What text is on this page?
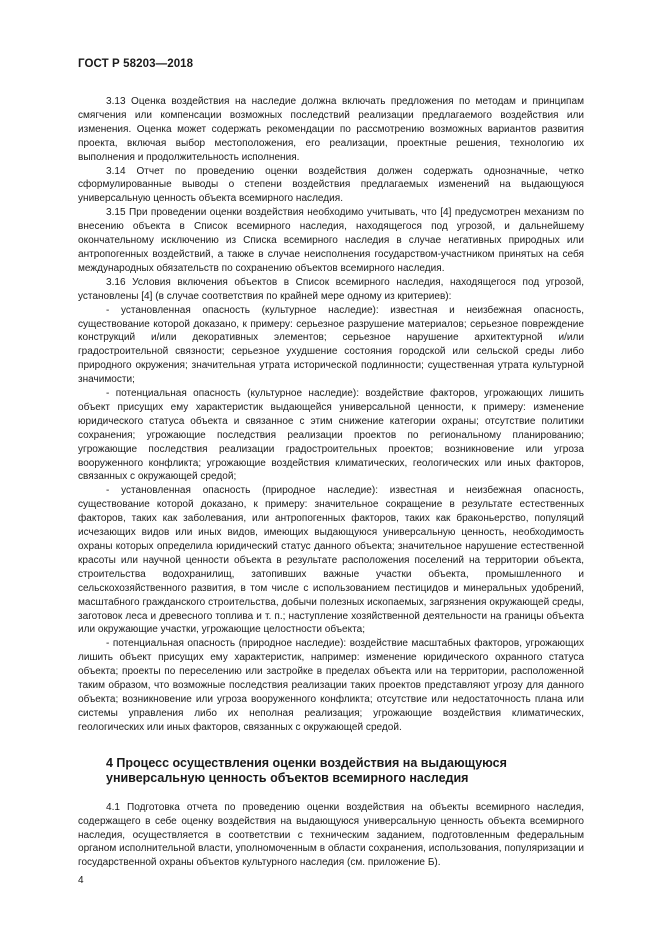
ГОСТ Р 58203—2018

3.13 Оценка воздействия на наследие должна включать предложения по методам и принципам смягчения или компенсации возможных последствий реализации предлагаемого воздействия или изменения. Оценка может содержать рекомендации по рассмотрению возможных вариантов развития проекта, включая выбор местоположения, его реализации, проектные решения, технологию их выполнения и продолжительность исполнения.

3.14 Отчет по проведению оценки воздействия должен содержать однозначные, четко сформулированные выводы о степени воздействия предлагаемых изменений на выдающуюся универсальную ценность объекта всемирного наследия.

3.15 При проведении оценки воздействия необходимо учитывать, что [4] предусмотрен механизм по внесению объекта в Список всемирного наследия, находящегося под угрозой, и дальнейшему окончательному исключению из Списка всемирного наследия в случае негативных природных или антропогенных воздействий, а также в случае неисполнения государством-участником принятых на себя международных обязательств по сохранению объектов всемирного наследия.

3.16 Условия включения объектов в Список всемирного наследия, находящегося под угрозой, установлены [4] (в случае соответствия по крайней мере одному из критериев):

- установленная опасность (культурное наследие): известная и неизбежная опасность, существование которой доказано, к примеру: серьезное разрушение материалов; серьезное повреждение конструкций и/или декоративных элементов; серьезное нарушение архитектурной и/или градостроительной связности; серьезное ухудшение состояния городской или сельской среды либо природного окружения; значительная утрата исторической подлинности; существенная утрата культурной значимости;

- потенциальная опасность (культурное наследие): воздействие факторов, угрожающих лишить объект присущих ему характеристик выдающейся универсальной ценности, к примеру: изменение юридического статуса объекта и связанное с этим снижение категории охраны; отсутствие политики сохранения; угрожающие последствия реализации проектов по региональному планированию; угрожающие последствия реализации градостроительных проектов; возникновение или угроза вооруженного конфликта; угрожающие воздействия климатических, геологических или иных факторов, связанных с окружающей средой;

- установленная опасность (природное наследие): известная и неизбежная опасность, существование которой доказано, к примеру: значительное сокращение в результате естественных факторов, таких как заболевания, или антропогенных факторов, таких как браконьерство, популяций исчезающих видов или иных видов, имеющих выдающуюся универсальную ценность, необходимость охраны которых определила юридический статус данного объекта; значительное нарушение естественной красоты или научной ценности объекта в результате расположения поселений на территории объекта, строительства водохранилищ, затопивших важные участки объекта, промышленного и сельскохозяйственного развития, в том числе с использованием пестицидов и минеральных удобрений, масштабного гражданского строительства, добычи полезных ископаемых, загрязнения окружающей среды, заготовок леса и древесного топлива и т. п.; наступление хозяйственной деятельности на границы объекта или окружающие участки, угрожающие целостности объекта;

- потенциальная опасность (природное наследие): воздействие масштабных факторов, угрожающих лишить объект присущих ему характеристик, например: изменение юридического охранного статуса объекта; проекты по переселению или застройке в пределах объекта или на территории, расположенной таким образом, что возможные последствия реализации таких проектов представляют угрозу для данного объекта; возникновение или угроза вооруженного конфликта; отсутствие или недостаточность плана или системы управления либо их неполная реализация; угрожающие воздействия климатических, геологических или иных факторов, связанных с окружающей средой.

4 Процесс осуществления оценки воздействия на выдающуюся универсальную ценность объектов всемирного наследия

4.1 Подготовка отчета по проведению оценки воздействия на объекты всемирного наследия, содержащего в себе оценку воздействия на выдающуюся универсальную ценность объекта всемирного наследия, осуществляется в соответствии с техническим заданием, подготовленным федеральным органом исполнительной власти, уполномоченным в области сохранения, использования, популяризации и государственной охраны объектов культурного наследия (см. приложение Б).

4
